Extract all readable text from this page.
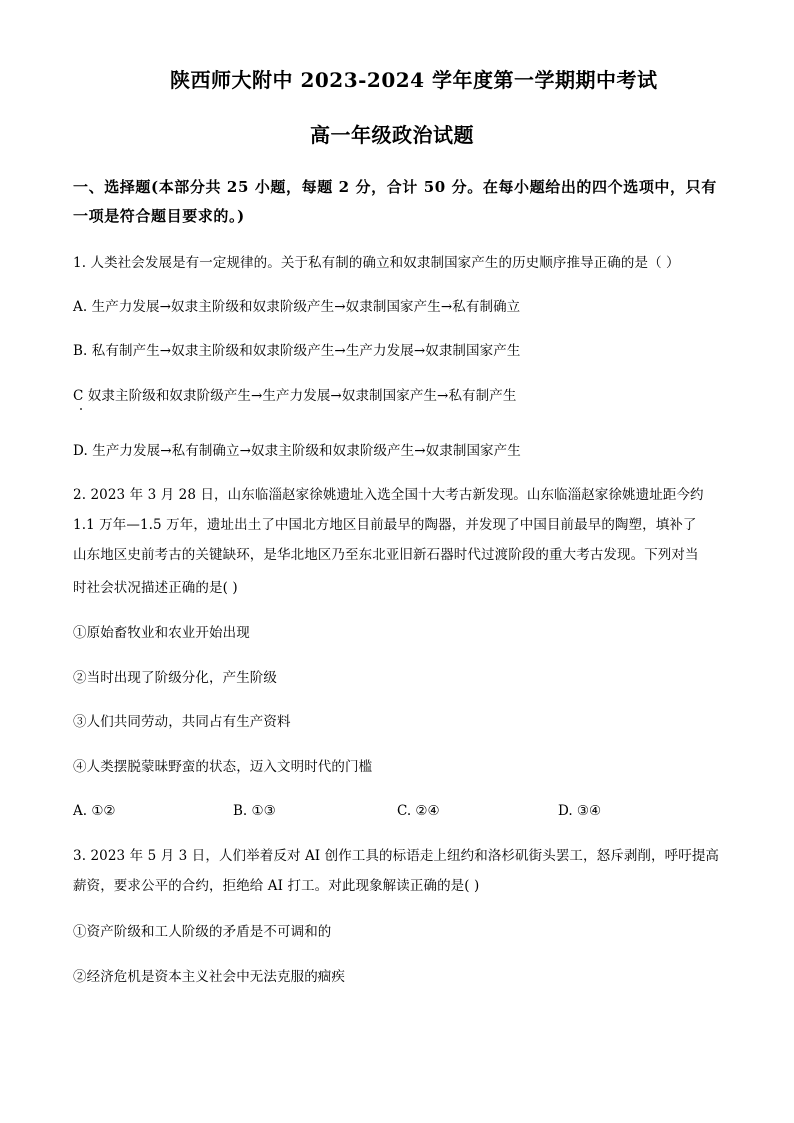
陕西师大附中 2023-2024 学年度第一学期期中考试
高一年级政治试题
一、选择题(本部分共 25 小题，每题 2 分，合计 50 分。在每小题给出的四个选项中，只有
一项是符合题目要求的。)
1. 人类社会发展是有一定规律的。关于私有制的确立和奴隶制国家产生的历史顺序推导正确的是（ ）
A. 生产力发展→奴隶主阶级和奴隶阶级产生→奴隶制国家产生→私有制确立
B. 私有制产生→奴隶主阶级和奴隶阶级产生→生产力发展→奴隶制国家产生
C 奴隶主阶级和奴隶阶级产生→生产力发展→奴隶制国家产生→私有制产生
D. 生产力发展→私有制确立→奴隶主阶级和奴隶阶级产生→奴隶制国家产生
2. 2023 年 3 月 28 日，山东临淄赵家徐姚遗址入选全国十大考古新发现。山东临淄赵家徐姚遗址距今约
1.1 万年—1.5 万年，遗址出土了中国北方地区目前最早的陶器，并发现了中国目前最早的陶塑，填补了
山东地区史前考古的关键缺环，是华北地区乃至东北亚旧新石器时代过渡阶段的重大考古发现。下列对当
时社会状况描述正确的是( )
①原始畜牧业和农业开始出现
②当时出现了阶级分化，产生阶级
③人们共同劳动，共同占有生产资料
④人类摆脱蒙昧野蛮的状态，迈入文明时代的门槛
A. ①②	B. ①③	C. ②④	D. ③④
3. 2023 年 5 月 3 日，人们举着反对 AI 创作工具的标语走上纽约和洛杉矶街头罢工，怒斥剥削，呼吁提高
薪资，要求公平的合约，拒绝给 AI 打工。对此现象解读正确的是( )
①资产阶级和工人阶级的矛盾是不可调和的
②经济危机是资本主义社会中无法克服的痼疾
